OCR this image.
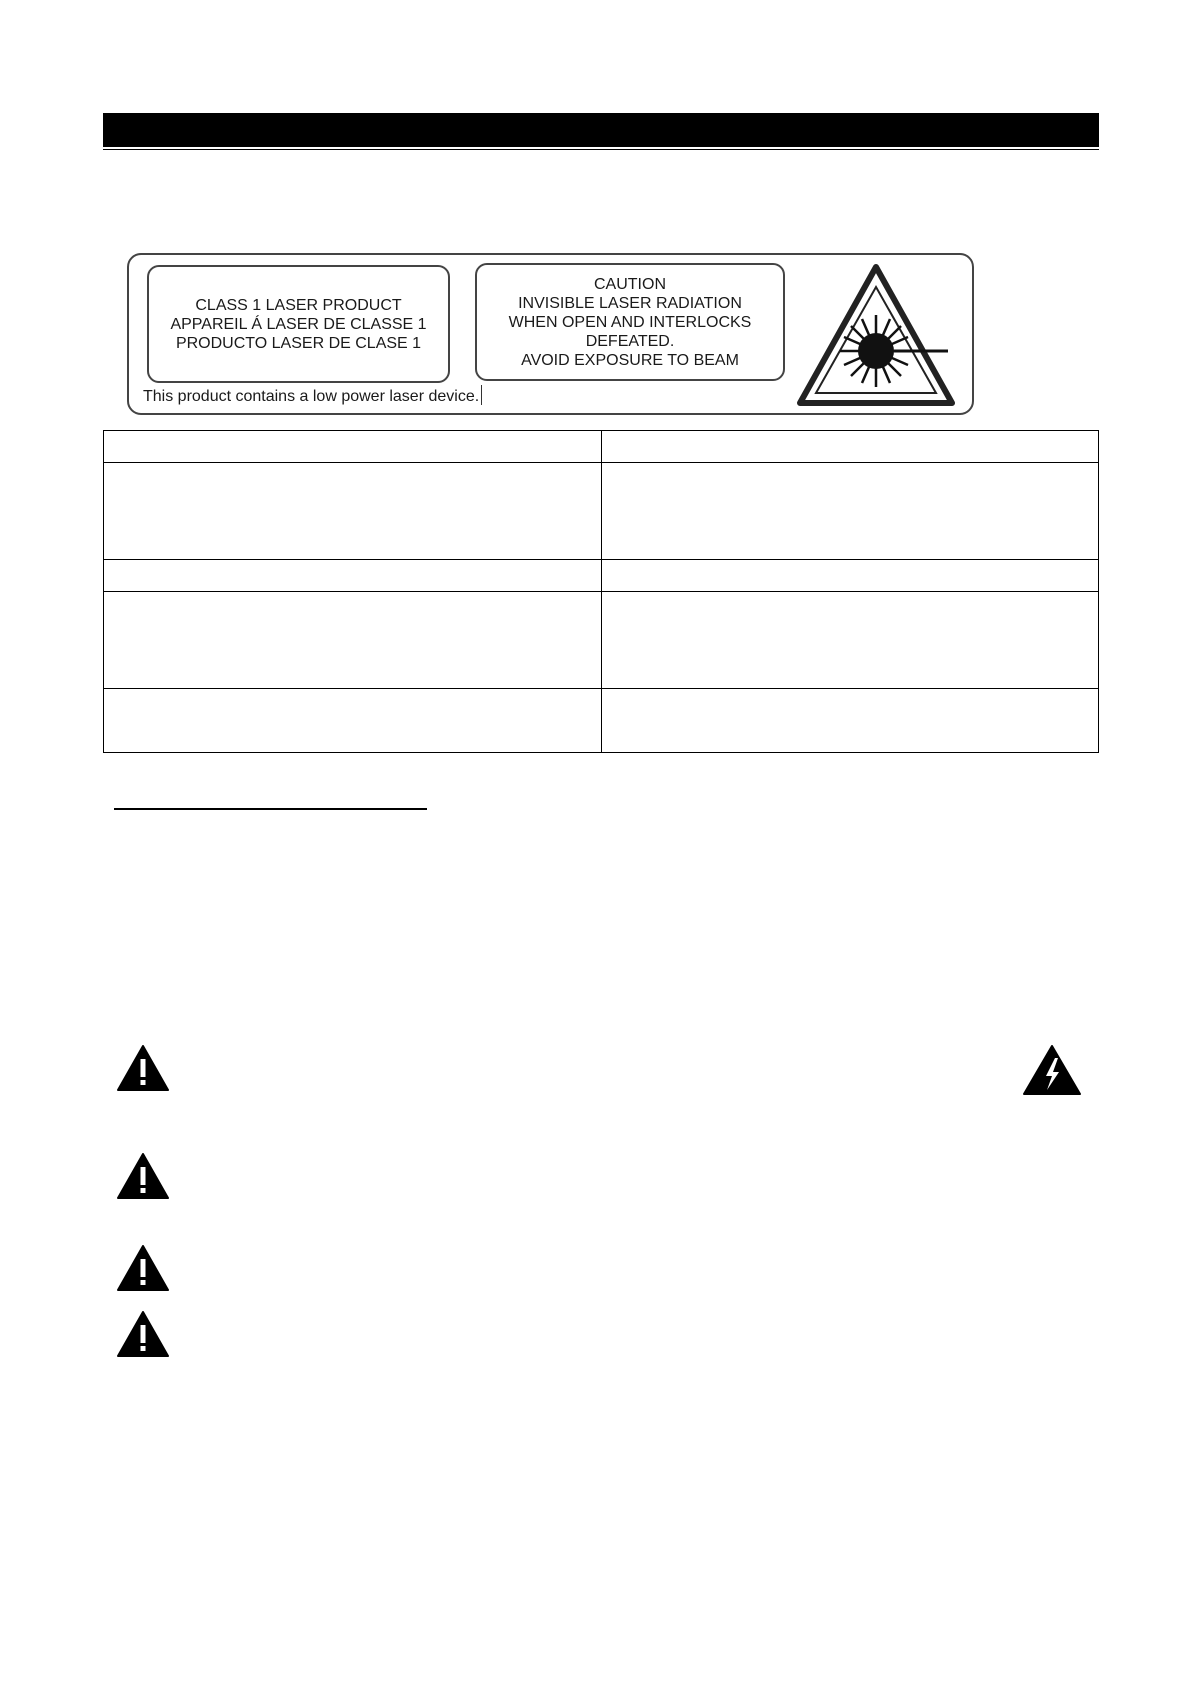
CLASS 1 LASER PRODUCT
APPAREIL Á LASER DE CLASSE 1
PRODUCTO LASER DE CLASE 1
CAUTION
INVISIBLE LASER RADIATION
WHEN OPEN AND INTERLOCKS
DEFEATED.
AVOID EXPOSURE TO BEAM
This product contains a low power laser device.
